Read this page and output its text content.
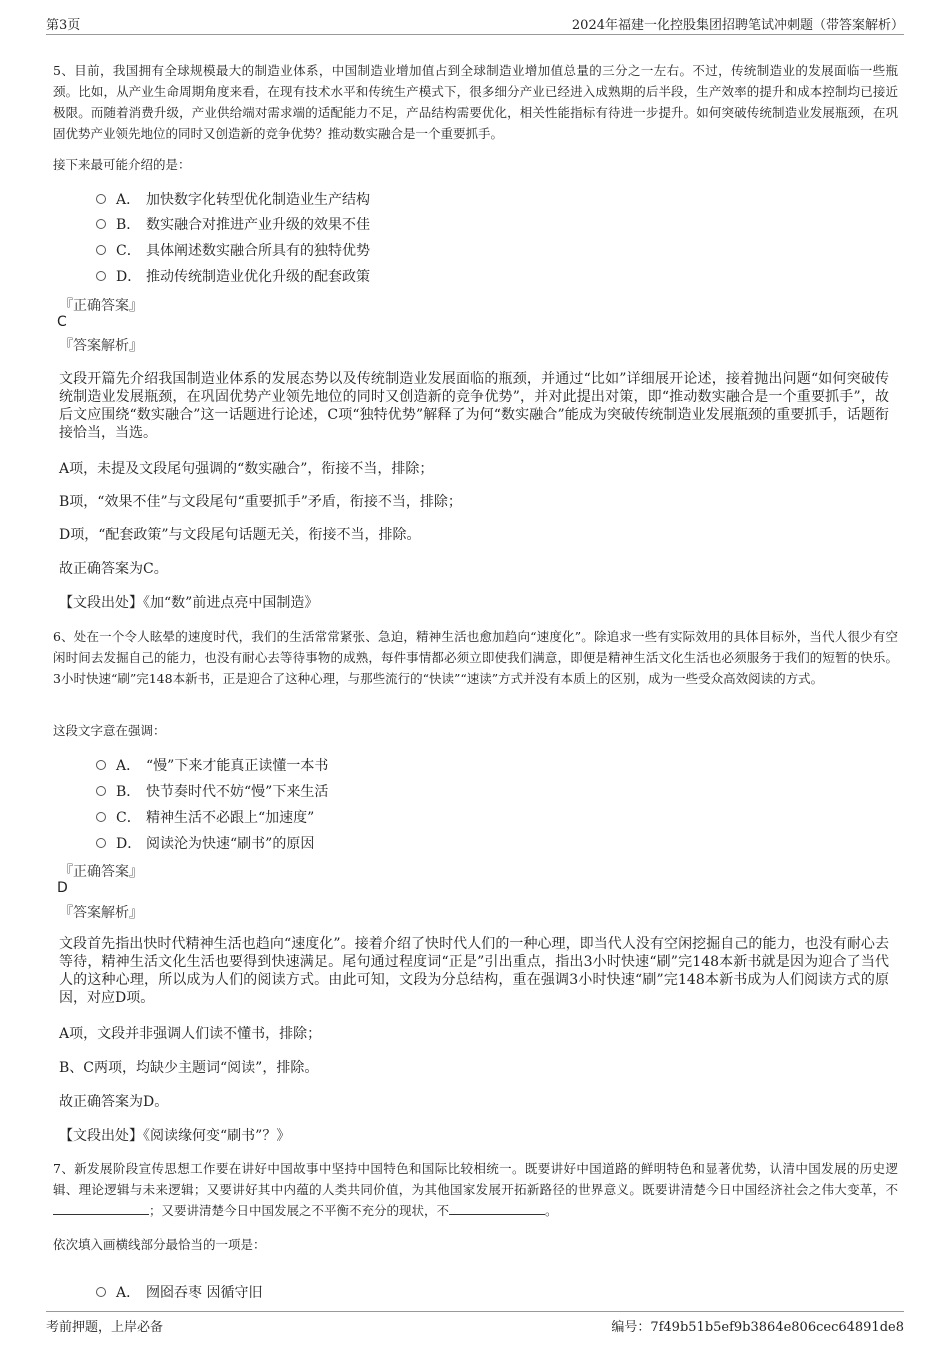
第3页	2024年福建一化控股集团招聘笔试冲刺题（带答案解析）
5、目前，我国拥有全球规模最大的制造业体系，中国制造业增加值占到全球制造业增加值总量的三分之一左右。不过，传统制造业的发展面临一些瓶颈。比如，从产业生命周期角度来看，在现有技术水平和传统生产模式下，很多细分产业已经进入成熟期的后半段，生产效率的提升和成本控制均已接近极限。而随着消费升级，产业供给端对需求端的适配能力不足，产品结构需要优化，相关性能指标有待进一步提升。如何突破传统制造业发展瓶颈，在巩固优势产业领先地位的同时又创造新的竞争优势？推动数实融合是一个重要抓手。
接下来最可能介绍的是：
A． 加快数字化转型优化制造业生产结构
B． 数实融合对推进产业升级的效果不佳
C． 具体阐述数实融合所具有的独特优势
D． 推动传统制造业优化升级的配套政策
『正确答案』
C
『答案解析』
文段开篇先介绍我国制造业体系的发展态势以及传统制造业发展面临的瓶颈，并通过“比如”详细展开论述，接着抛出问题“如何突破传统制造业发展瓶颈，在巩固优势产业领先地位的同时又创造新的竞争优势”，并对此提出对策，即“推动数实融合是一个重要抓手”，故后文应围绕“数实融合”这一话题进行论述，C项“独特优势”解释了为何“数实融合”能成为突破传统制造业发展瓶颈的重要抓手，话题衔接恰当，当选。
A项，未提及文段尾句强调的“数实融合”，衔接不当，排除；
B项，“效果不佳”与文段尾句“重要抓手”矛盾，衔接不当，排除；
D项，“配套政策”与文段尾句话题无关，衔接不当，排除。
故正确答案为C。
【文段出处】《加“数”前进点亮中国制造》
6、处在一个令人眩晕的速度时代，我们的生活常常紧张、急迫，精神生活也愈加趋向“速度化”。除追求一些有实际效用的具体目标外，当代人很少有空闲时间去发掘自己的能力，也没有耐心去等待事物的成熟，每件事情都必须立即使我们满意，即便是精神生活文化生活也必须服务于我们的短暂的快乐。3小时快速“刷”完148本新书，正是迎合了这种心理，与那些流行的“快读”“速读”方式并没有本质上的区别，成为一些受众高效阅读的方式。
这段文字意在强调：
A． “慢”下来才能真正读懂一本书
B． 快节奏时代不妨“慢”下来生活
C． 精神生活不必跟上“加速度”
D． 阅读沦为快速“刷书”的原因
『正确答案』
D
『答案解析』
文段首先指出快时代精神生活也趋向“速度化”。接着介绍了快时代人们的一种心理，即当代人没有空闲挖掘自己的能力，也没有耐心去等待，精神生活文化生活也要得到快速满足。尾句通过程度词“正是”引出重点，指出3小时快速“刷”完148本新书就是因为迎合了当代人的这种心理，所以成为人们的阅读方式。由此可知，文段为分总结构，重在强调3小时快速“刷”完148本新书成为人们阅读方式的原因，对应D项。
A项，文段并非强调人们读不懂书，排除；
B、C两项，均缺少主题词“阅读”，排除。
故正确答案为D。
【文段出处】《阅读缘何变“刷书”？》
7、新发展阶段宣传思想工作要在讲好中国故事中坚持中国特色和国际比较相统一。既要讲好中国道路的鲜明特色和显著优势，认清中国发展的历史逻辑、理论逻辑与未来逻辑；又要讲好其中内蕴的人类共同价值，为其他国家发展开拓新路径的世界意义。既要讲清楚今日中国经济社会之伟大变革，不；又要讲清楚今日中国发展之不平衡不充分的现状，不	。
依次填入画横线部分最恰当的一项是：
A． 囫囵吞枣 因循守旧
考前押题，上岸必备	编号：7f49b51b5ef9b3864e806cec64891de8
